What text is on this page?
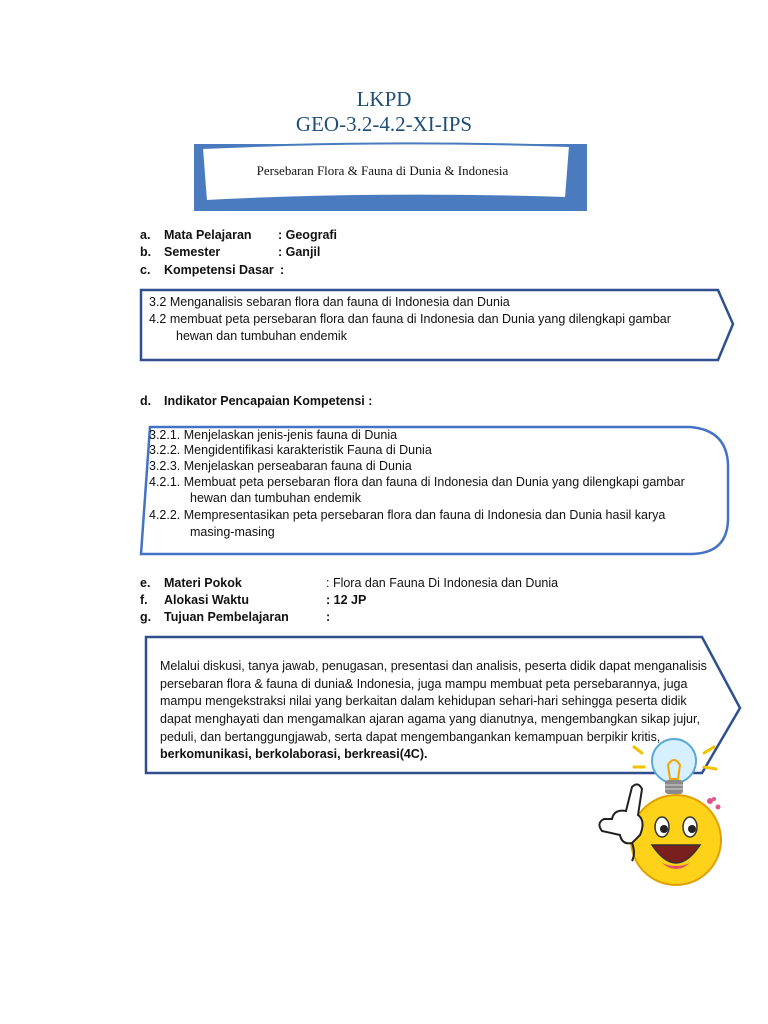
LKPD
GEO-3.2-4.2-XI-IPS
Persebaran Flora & Fauna di Dunia & Indonesia
a. Mata Pelajaran : Geografi
b. Semester	: Ganjil
c. Kompetensi Dasar :
3.2 Menganalisis sebaran flora dan fauna di Indonesia dan Dunia
4.2 membuat peta persebaran flora dan fauna di Indonesia dan Dunia yang dilengkapi gambar
hewan dan tumbuhan endemik
d. Indikator Pencapaian Kompetensi :
3.2.1. Menjelaskan jenis-jenis fauna di Dunia
3.2.2. Mengidentifikasi karakteristik Fauna di Dunia
3.2.3. Menjelaskan perseabaran fauna di Dunia
4.2.1. Membuat peta persebaran flora dan fauna di Indonesia dan Dunia yang dilengkapi gambar
hewan dan tumbuhan endemik
4.2.2. Mempresentasikan peta persebaran flora dan fauna di Indonesia dan Dunia hasil karya
masing-masing
e. Materi Pokok	: Flora dan Fauna Di Indonesia dan Dunia
f. Alokasi Waktu	: 12 JP
g. Tujuan Pembelajaran	:
Melalui diskusi, tanya jawab, penugasan, presentasi dan analisis, peserta didik dapat menganalisis
persebaran flora & fauna di dunia& Indonesia, juga mampu membuat peta persebarannya, juga
mampu mengekstraksi nilai yang berkaitan dalam kehidupan sehari-hari sehingga peserta didik
dapat menghayati dan mengamalkan ajaran agama yang dianutnya, mengembangkan sikap jujur,
peduli, dan bertanggungjawab, serta dapat mengembangankan kemampuan berpikir kritis,
berkomunikasi, berkolaborasi, berkreasi(4C).
